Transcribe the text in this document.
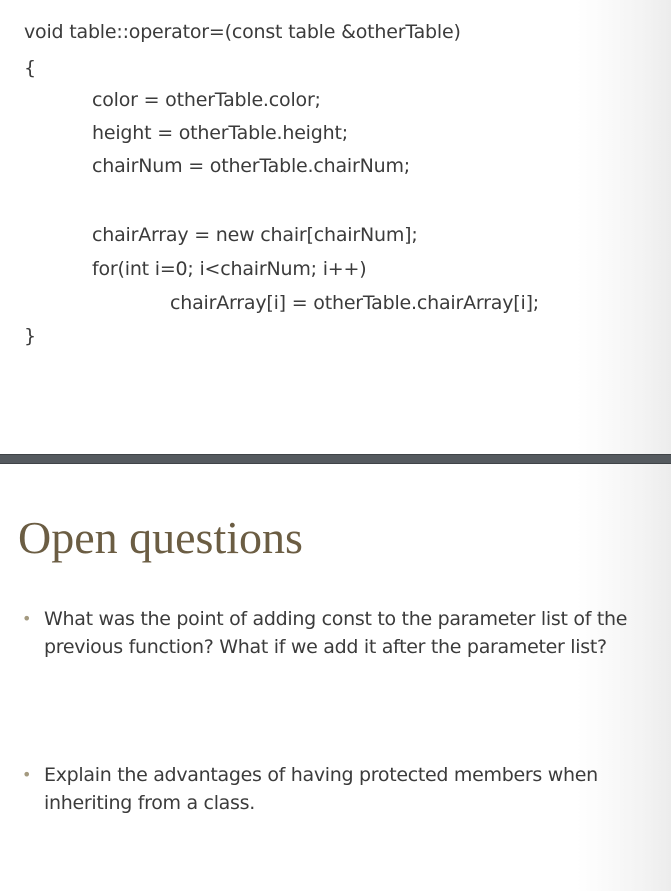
void table::operator=(const table &otherTable)
{
color = otherTable.color;
height = otherTable.height;
chairNum = otherTable.chairNum;
chairArray = new chair[chairNum];
for(int i=0; i<chairNum; i++)
chairArray[i] = otherTable.chairArray[i];
}
Open questions
• What was the point of adding const to the parameter list of the previous function? What if we add it after the parameter list?
• Explain the advantages of having protected members when inheriting from a class.
